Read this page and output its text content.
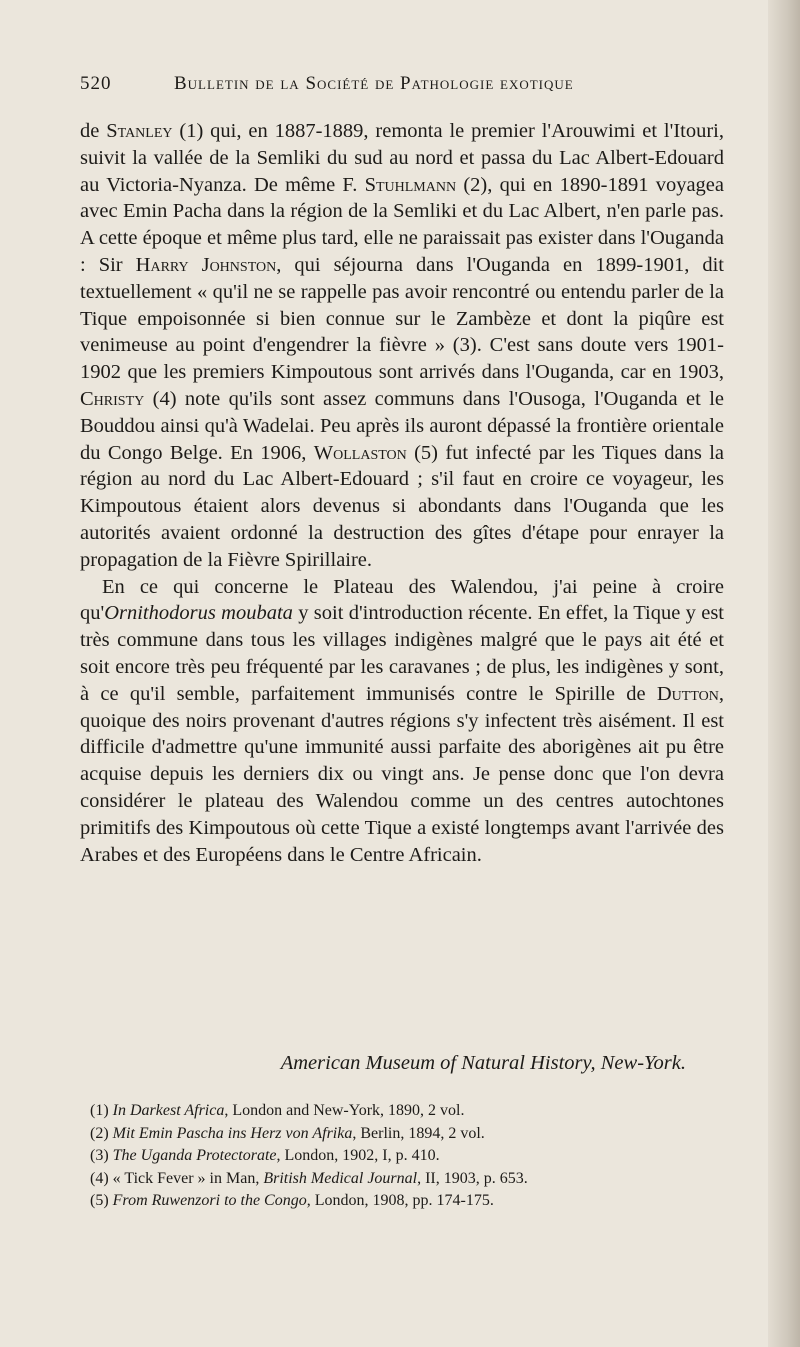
520	Bulletin de la Société de Pathologie exotique

de Stanley (1) qui, en 1887-1889, remonta le premier l'Arouwimi et l'Itouri, suivit la vallée de la Semliki du sud au nord et passa du Lac Albert-Edouard au Victoria-Nyanza. De même F. Stuhlmann (2), qui en 1890-1891 voyagea avec Emin Pacha dans la région de la Semliki et du Lac Albert, n'en parle pas. A cette époque et même plus tard, elle ne paraissait pas exister dans l'Ouganda : Sir Harry Johnston, qui séjourna dans l'Ouganda en 1899-1901, dit textuellement « qu'il ne se rappelle pas avoir rencontré ou entendu parler de la Tique empoisonnée si bien connue sur le Zambèze et dont la piqûre est venimeuse au point d'engendrer la fièvre » (3). C'est sans doute vers 1901-1902 que les premiers Kimpoutous sont arrivés dans l'Ouganda, car en 1903, Christy (4) note qu'ils sont assez communs dans l'Ousoga, l'Ouganda et le Bouddou ainsi qu'à Wadelai. Peu après ils auront dépassé la frontière orientale du Congo Belge. En 1906, Wollaston (5) fut infecté par les Tiques dans la région au nord du Lac Albert-Edouard ; s'il faut en croire ce voyageur, les Kimpoutous étaient alors devenus si abondants dans l'Ouganda que les autorités avaient ordonné la destruction des gîtes d'étape pour enrayer la propagation de la Fièvre Spirillaire.

En ce qui concerne le Plateau des Walendou, j'ai peine à croire qu'Ornithodorus moubata y soit d'introduction récente. En effet, la Tique y est très commune dans tous les villages indigènes malgré que le pays ait été et soit encore très peu fréquenté par les caravanes ; de plus, les indigènes y sont, à ce qu'il semble, parfaitement immunisés contre le Spirille de Dutton, quoique des noirs provenant d'autres régions s'y infectent très aisément. Il est difficile d'admettre qu'une immunité aussi parfaite des aborigènes ait pu être acquise depuis les derniers dix ou vingt ans. Je pense donc que l'on devra considérer le plateau des Walendou comme un des centres autochtones primitifs des Kimpoutous où cette Tique a existé longtemps avant l'arrivée des Arabes et des Européens dans le Centre Africain.

American Museum of Natural History, New-York.
(1) In Darkest Africa, London and New-York, 1890, 2 vol.
(2) Mit Emin Pascha ins Herz von Afrika, Berlin, 1894, 2 vol.
(3) The Uganda Protectorate, London, 1902, I, p. 410.
(4) « Tick Fever » in Man, British Medical Journal, II, 1903, p. 653.
(5) From Ruwenzori to the Congo, London, 1908, pp. 174-175.
